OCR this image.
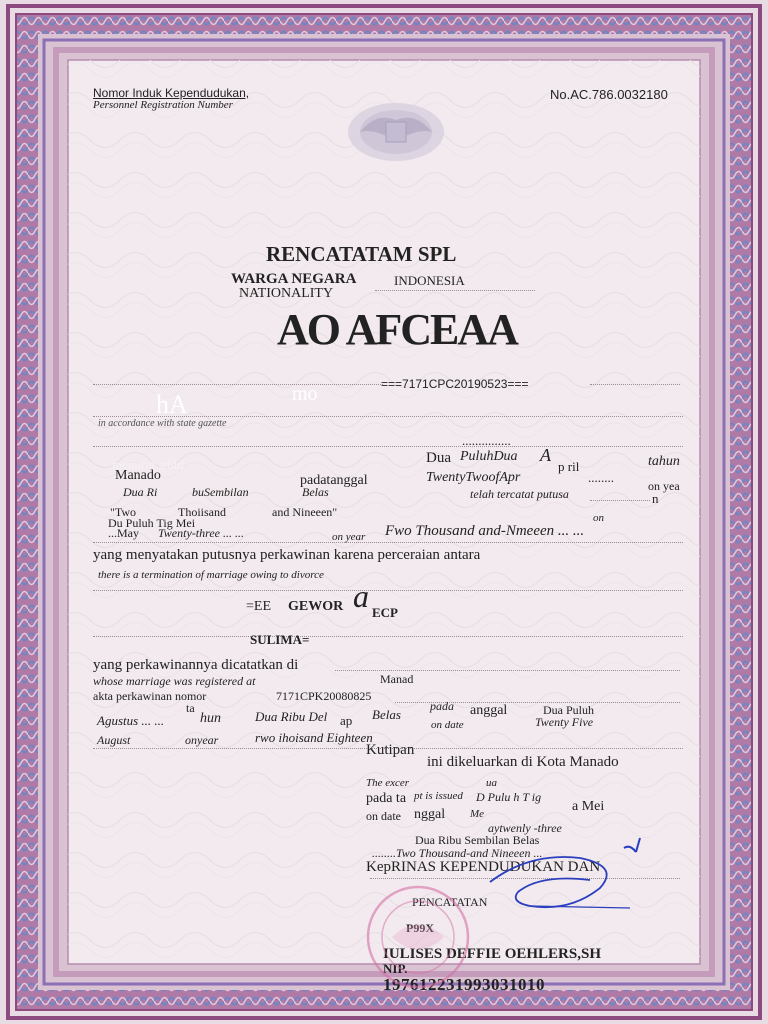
Nomor Induk Kependudukan,
Personnel Registration Number
No.AC.786.0032180
RENCATATAM SPL
WARGA NEGARA	INDONESIA
NATIONALITY
AO AFCEAA
===7171CPC20190523===
hA	mo
in accordance with state gazette
...............
menurut stbld	Dua PuluhDua A
p ril	tahun
Manado	padatanggal	TwentyTwoofApr	........
on yea
Dua Ri	buSembilan	Belas	telah tercatat putusa	n
"Two	Thoiisand	and Nineeen"	on
Du Puluh Tig Mei
...May Twenty-three ... ...	on year Fwo Thousand and-Nmeeen ... ...
yang menyatakan putusnya perkawinan karena perceraian antara
there is a termination of marriage owing to divorce
=EE GEWOR a ECP
SULIMA=
yang perkawinannya dicatatkan di
whose marriage was registered at	Manad
akta perkawinan nomor	7171CPK20080825
pada anggal	Dua Puluh
ta
Agustus ... ...	hun	Dua Ribu Del ap Belas
on date	Twenty Five
August	onyear	rwo ihoisand Eighteen
Kutipan
ini dikeluarkan di Kota Manado
The excer
pt is issued
pada ta
ua
D Pulu h T ig
a Mei
on date nggal Me
aytwenly -three
Dua Ribu Sembilan Belas
........Two Thousand-and Nineeen ...
KepRINAS KEPENDUDUKAN DAN
PENCATATAN
P99X
IULISES DEFFIE OEHLERS,SH
NIP.
197612231993031010
